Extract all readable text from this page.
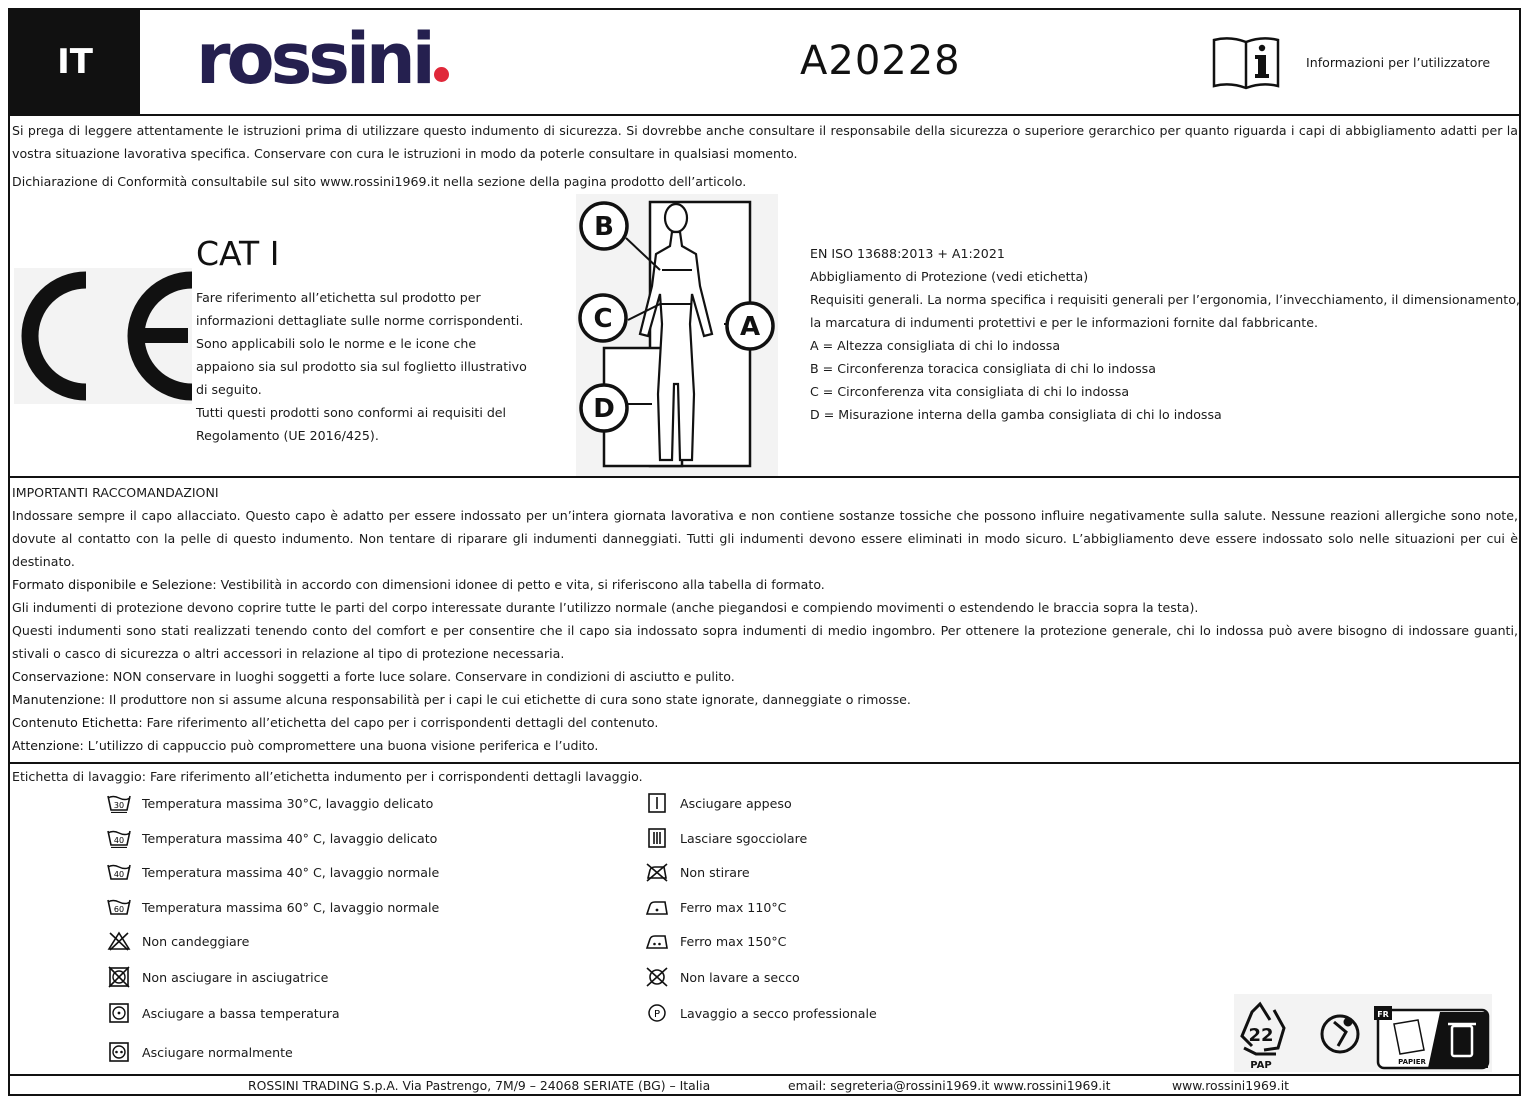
IT rossini	A20228	Informazioni per l’utilizzatore
Si prega di leggere attentamente le istruzioni prima di utilizzare questo indumento di sicurezza. Si dovrebbe anche consultare il responsabile della sicurezza o superiore gerarchico per quanto riguarda i capi di abbigliamento adatti per la vostra situazione lavorativa specifica. Conservare con cura le istruzioni in modo da poterle consultare in qualsiasi momento.
Dichiarazione di Conformità consultabile sul sito www.rossini1969.it nella sezione della pagina prodotto dell’articolo.
CAT I
Fare riferimento all’etichetta sul prodotto per
informazioni dettagliate sulle norme corrispondenti.
Sono applicabili solo le norme e le icone che
appaiono sia sul prodotto sia sul foglietto illustrativo
di seguito.
Tutti questi prodotti sono conformi ai requisiti del
Regolamento (UE 2016/425).
B
C	A
D
EN ISO 13688:2013 + A1:2021
Abbigliamento di Protezione (vedi etichetta)
Requisiti generali. La norma specifica i requisiti generali per l’ergonomia, l’invecchiamento, il dimensionamento,
la marcatura di indumenti protettivi e per le informazioni fornite dal fabbricante.
A = Altezza consigliata di chi lo indossa
B = Circonferenza toracica consigliata di chi lo indossa
C = Circonferenza vita consigliata di chi lo indossa
D = Misurazione interna della gamba consigliata di chi lo indossa
IMPORTANTI RACCOMANDAZIONI
Indossare sempre il capo allacciato. Questo capo è adatto per essere indossato per un’intera giornata lavorativa e non contiene sostanze tossiche che possono influire negativamente sulla salute. Nessune reazioni allergiche sono note, dovute al contatto con la pelle di questo indumento. Non tentare di riparare gli indumenti danneggiati. Tutti gli indumenti devono essere eliminati in modo sicuro. L’abbigliamento deve essere indossato solo nelle situazioni per cui è destinato.
Formato disponibile e Selezione: Vestibilità in accordo con dimensioni idonee di petto e vita, si riferiscono alla tabella di formato.
Gli indumenti di protezione devono coprire tutte le parti del corpo interessate durante l’utilizzo normale (anche piegandosi e compiendo movimenti o estendendo le braccia sopra la testa).
Questi indumenti sono stati realizzati tenendo conto del comfort e per consentire che il capo sia indossato sopra indumenti di medio ingombro. Per ottenere la protezione generale, chi lo indossa può avere bisogno di indossare guanti, stivali o casco di sicurezza o altri accessori in relazione al tipo di protezione necessaria.
Conservazione: NON conservare in luoghi soggetti a forte luce solare. Conservare in condizioni di asciutto e pulito.
Manutenzione: Il produttore non si assume alcuna responsabilità per i capi le cui etichette di cura sono state ignorate, danneggiate o rimosse.
Contenuto Etichetta: Fare riferimento all’etichetta del capo per i corrispondenti dettagli del contenuto.
Attenzione: L’utilizzo di cappuccio può compromettere una buona visione periferica e l’udito.
Etichetta di lavaggio: Fare riferimento all’etichetta indumento per i corrispondenti dettagli lavaggio.
30 Temperatura massima 30°C, lavaggio delicato
40 Temperatura massima 40° C, lavaggio delicato
40 Temperatura massima 40° C, lavaggio normale
60 Temperatura massima 60° C, lavaggio normale
Non candeggiare
Non asciugare in asciugatrice
Asciugare a bassa temperatura
Asciugare normalmente
Asciugare appeso
Lasciare sgocciolare
Non stirare
Ferro max 110°C
Ferro max 150°C
Non lavare a secco
P Lavaggio a secco professionale
22
PAP
FR
PAPIER
ROSSINI TRADING S.p.A. Via Pastrengo, 7M/9 – 24068 SERIATE (BG) – Italia	email: segreteria@rossini1969.it www.rossini1969.it	www.rossini1969.it
